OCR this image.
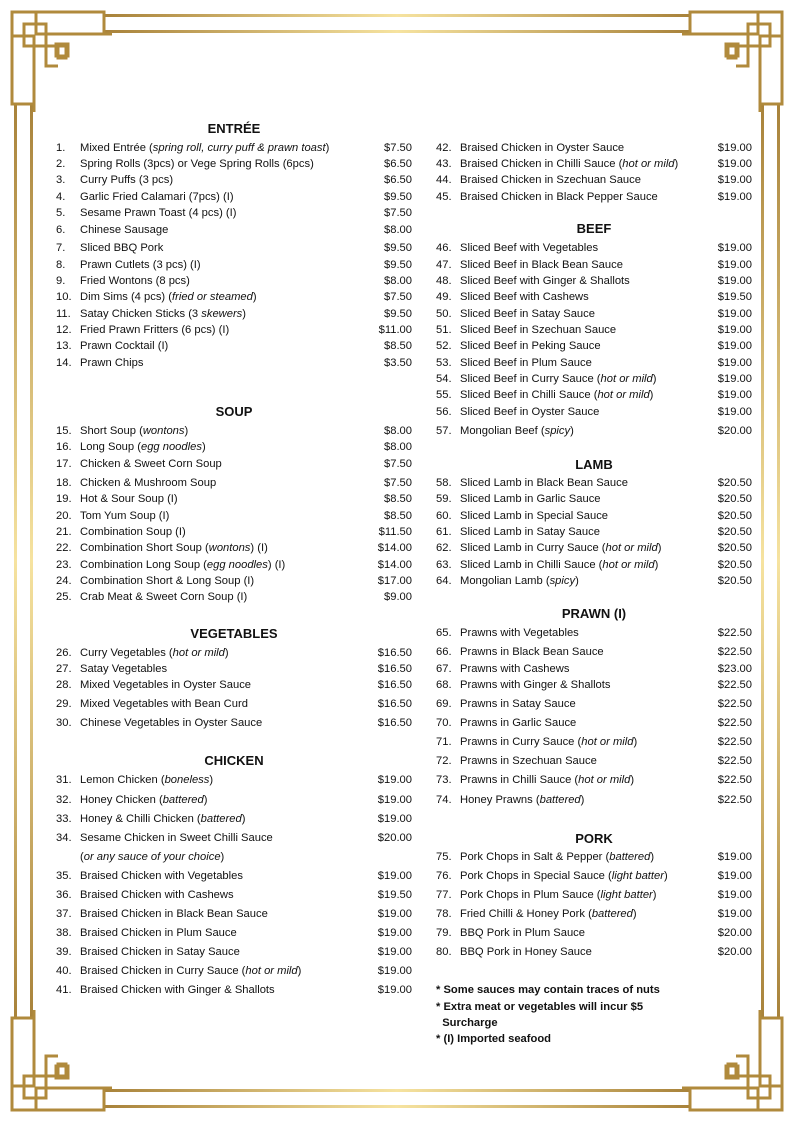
ENTRÉE
1. Mixed Entrée (spring roll, curry puff & prawn toast)	$7.50
2. Spring Rolls (3pcs) or Vege Spring Rolls (6pcs)	$6.50
3. Curry Puffs (3 pcs)	$6.50
4. Garlic Fried Calamari (7pcs) (I)	$9.50
5. Sesame Prawn Toast (4 pcs) (I)	$7.50
6. Chinese Sausage	$8.00
7. Sliced BBQ Pork	$9.50
8. Prawn Cutlets (3 pcs) (I)	$9.50
9. Fried Wontons (8 pcs)	$8.00
10. Dim Sims (4 pcs) (fried or steamed)	$7.50
11. Satay Chicken Sticks (3 skewers)	$9.50
12. Fried Prawn Fritters (6 pcs) (I)	$11.00
13. Prawn Cocktail (I)	$8.50
14. Prawn Chips	$3.50
SOUP
15. Short Soup (wontons)	$8.00
16. Long Soup (egg noodles)	$8.00
17. Chicken & Sweet Corn Soup	$7.50
18. Chicken & Mushroom Soup	$7.50
19. Hot & Sour Soup (I)	$8.50
20. Tom Yum Soup (I)	$8.50
21. Combination Soup (I)	$11.50
22. Combination Short Soup (wontons) (I)	$14.00
23. Combination Long Soup (egg noodles) (I)	$14.00
24. Combination Short & Long Soup (I)	$17.00
25. Crab Meat & Sweet Corn Soup (I)	$9.00
VEGETABLES
26. Curry Vegetables (hot or mild)	$16.50
27. Satay Vegetables	$16.50
28. Mixed Vegetables in Oyster Sauce	$16.50
29. Mixed Vegetables with Bean Curd	$16.50
30. Chinese Vegetables in Oyster Sauce	$16.50
CHICKEN
31. Lemon Chicken (boneless)	$19.00
32. Honey Chicken (battered)	$19.00
33. Honey & Chilli Chicken (battered)	$19.00
34. Sesame Chicken in Sweet Chilli Sauce	$20.00
(or any sauce of your choice)
35. Braised Chicken with Vegetables	$19.00
36. Braised Chicken with Cashews	$19.50
37. Braised Chicken in Black Bean Sauce	$19.00
38. Braised Chicken in Plum Sauce	$19.00
39. Braised Chicken in Satay Sauce	$19.00
40. Braised Chicken in Curry Sauce (hot or mild)	$19.00
41. Braised Chicken with Ginger & Shallots	$19.00
42. Braised Chicken in Oyster Sauce	$19.00
43. Braised Chicken in Chilli Sauce (hot or mild)	$19.00
44. Braised Chicken in Szechuan Sauce	$19.00
45. Braised Chicken in Black Pepper Sauce	$19.00
BEEF
46. Sliced Beef with Vegetables	$19.00
47. Sliced Beef in Black Bean Sauce	$19.00
48. Sliced Beef with Ginger & Shallots	$19.00
49. Sliced Beef with Cashews	$19.50
50. Sliced Beef in Satay Sauce	$19.00
51. Sliced Beef in Szechuan Sauce	$19.00
52. Sliced Beef in Peking Sauce	$19.00
53. Sliced Beef in Plum Sauce	$19.00
54. Sliced Beef in Curry Sauce (hot or mild)	$19.00
55. Sliced Beef in Chilli Sauce (hot or mild)	$19.00
56. Sliced Beef in Oyster Sauce	$19.00
57. Mongolian Beef (spicy)	$20.00
LAMB
58. Sliced Lamb in Black Bean Sauce	$20.50
59. Sliced Lamb in Garlic Sauce	$20.50
60. Sliced Lamb in Special Sauce	$20.50
61. Sliced Lamb in Satay Sauce	$20.50
62. Sliced Lamb in Curry Sauce (hot or mild)	$20.50
63. Sliced Lamb in Chilli Sauce (hot or mild)	$20.50
64. Mongolian Lamb (spicy)	$20.50
PRAWN (I)
65. Prawns with Vegetables	$22.50
66. Prawns in Black Bean Sauce	$22.50
67. Prawns with Cashews	$23.00
68. Prawns with Ginger & Shallots	$22.50
69. Prawns in Satay Sauce	$22.50
70. Prawns in Garlic Sauce	$22.50
71. Prawns in Curry Sauce (hot or mild)	$22.50
72. Prawns in Szechuan Sauce	$22.50
73. Prawns in Chilli Sauce (hot or mild)	$22.50
74. Honey Prawns (battered)	$22.50
PORK
75. Pork Chops in Salt & Pepper (battered)	$19.00
76. Pork Chops in Special Sauce (light batter)	$19.00
77. Pork Chops in Plum Sauce (light batter)	$19.00
78. Fried Chilli & Honey Pork (battered)	$19.00
79. BBQ Pork in Plum Sauce	$20.00
80. BBQ Pork in Honey Sauce	$20.00
* Some sauces may contain traces of nuts
* Extra meat or vegetables will incur $5
Surcharge
* (I) Imported seafood
